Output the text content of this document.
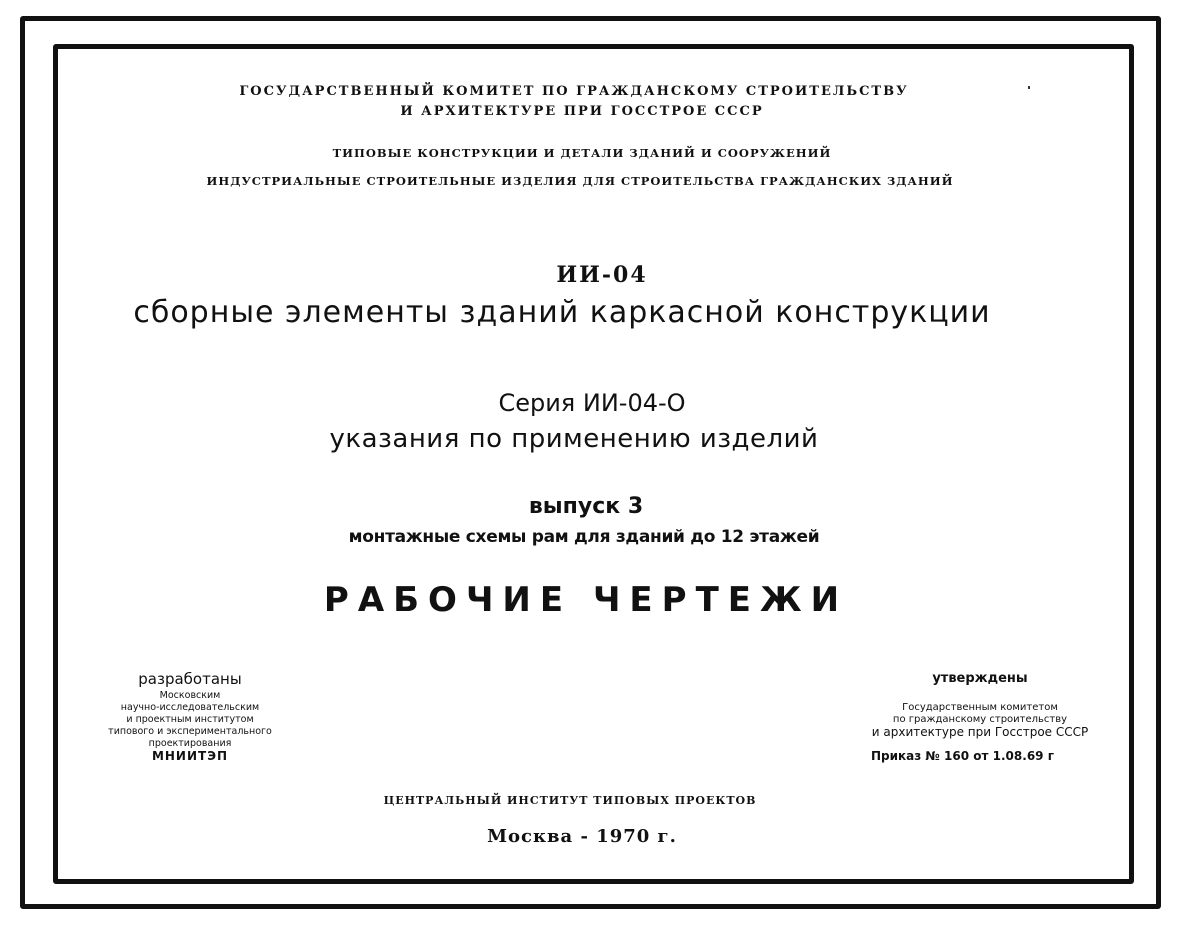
ГОСУДАРСТВЕННЫЙ КОМИТЕТ ПО ГРАЖДАНСКОМУ СТРОИТЕЛЬСТВУ
И АРХИТЕКТУРЕ ПРИ ГОССТРОЕ СССР
ТИПОВЫЕ КОНСТРУКЦИИ И ДЕТАЛИ ЗДАНИЙ И СООРУЖЕНИЙ
ИНДУСТРИАЛЬНЫЕ СТРОИТЕЛЬНЫЕ ИЗДЕЛИЯ ДЛЯ СТРОИТЕЛЬСТВА ГРАЖДАНСКИХ ЗДАНИЙ
ИИ-04
сборные элементы зданий каркасной конструкции
Серия ИИ-04-О
указания по применению изделий
выпуск 3
монтажные схемы рам для зданий до 12 этажей
РАБОЧИЕ ЧЕРТЕЖИ
разработаны
Московским
научно-исследовательским
и проектным институтом
типового и экспериментального
проектирования
МНИИТЭП
утверждены
Государственным комитетом
по гражданскому строительству
и архитектуре при Госстрое СССР
Приказ № 160 от 1.08.69 г
ЦЕНТРАЛЬНЫЙ ИНСТИТУТ ТИПОВЫХ ПРОЕКТОВ
Москва - 1970 г.
